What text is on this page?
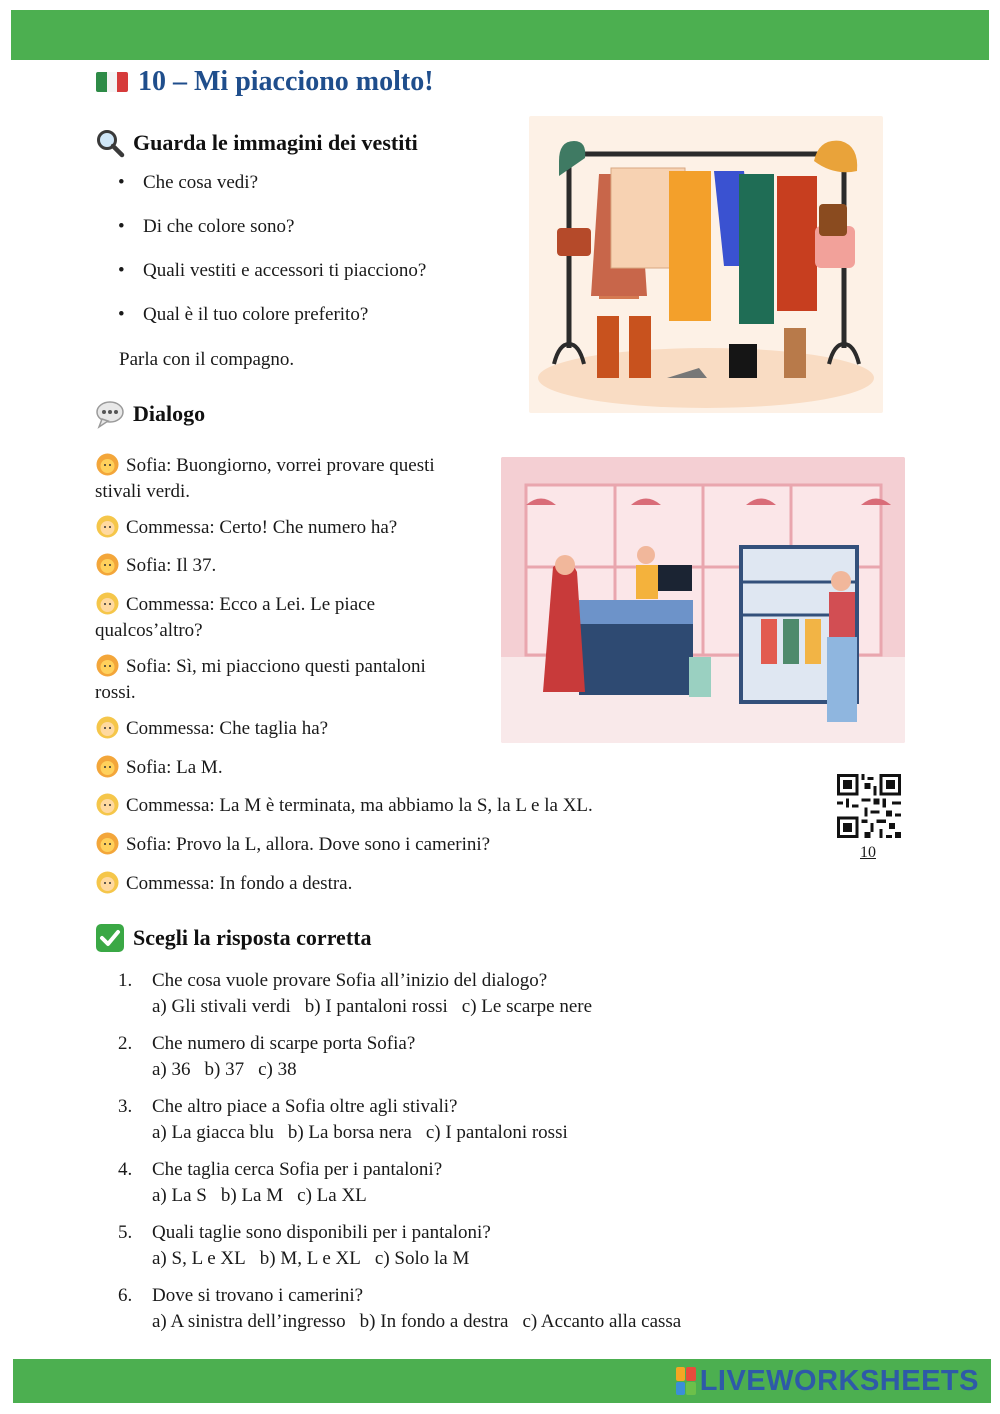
10 – Mi piacciono molto!
Guarda le immagini dei vestiti
• Che cosa vedi?
• Di che colore sono?
• Quali vestiti e accessori ti piacciono?
• Qual è il tuo colore preferito?
Parla con il compagno.
Dialogo
Sofia: Buongiorno, vorrei provare questi stivali verdi.
Commessa: Certo! Che numero ha?
Sofia: Il 37.
Commessa: Ecco a Lei. Le piace qualcos’altro?
Sofia: Sì, mi piacciono questi pantaloni rossi.
Commessa: Che taglia ha?
Sofia: La M.
Commessa: La M è terminata, ma abbiamo la S, la L e la XL.
Sofia: Provo la L, allora. Dove sono i camerini?
Commessa: In fondo a destra.
10
Scegli la risposta corretta
1.	Che cosa vuole provare Sofia all’inizio del dialogo?
a) Gli stivali verdi b) I pantaloni rossi c) Le scarpe nere
2.	Che numero di scarpe porta Sofia?
a) 36 b) 37 c) 38
3.	Che altro piace a Sofia oltre agli stivali?
a) La giacca blu b) La borsa nera c) I pantaloni rossi
4.	Che taglia cerca Sofia per i pantaloni?
a) La S b) La M c) La XL
5.	Quali taglie sono disponibili per i pantaloni?
a) S, L e XL b) M, L e XL c) Solo la M
6.	Dove si trovano i camerini?
a) A sinistra dell’ingresso b) In fondo a destra c) Accanto alla cassa
LIVEWORKSHEETS
